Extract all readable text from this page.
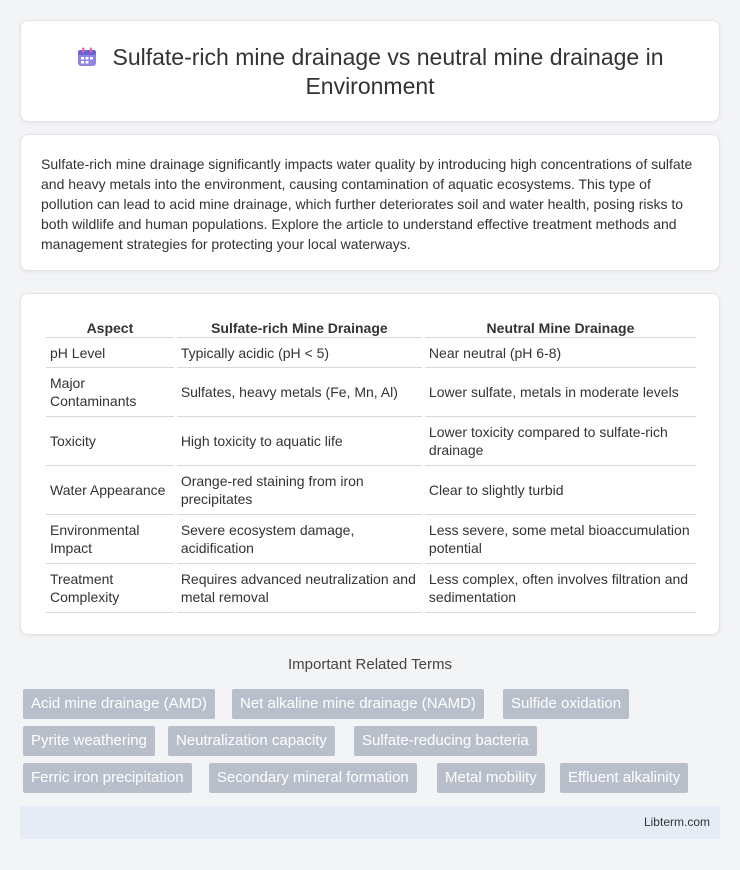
Sulfate-rich mine drainage vs neutral mine drainage in Environment

Sulfate-rich mine drainage significantly impacts water quality by introducing high concentrations of sulfate and heavy metals into the environment, causing contamination of aquatic ecosystems. This type of pollution can lead to acid mine drainage, which further deteriorates soil and water health, posing risks to both wildlife and human populations. Explore the article to understand effective treatment methods and management strategies for protecting your local waterways.

Aspect	Sulfate-rich Mine Drainage	Neutral Mine Drainage
pH Level	Typically acidic (pH < 5)	Near neutral (pH 6-8)
Major Contaminants	Sulfates, heavy metals (Fe, Mn, Al)	Lower sulfate, metals in moderate levels
Toxicity	High toxicity to aquatic life	Lower toxicity compared to sulfate-rich drainage
Water Appearance	Orange-red staining from iron precipitates	Clear to slightly turbid
Environmental Impact	Severe ecosystem damage, acidification	Less severe, some metal bioaccumulation potential
Treatment Complexity	Requires advanced neutralization and metal removal	Less complex, often involves filtration and sedimentation
Important Related Terms
Acid mine drainage (AMD)	Net alkaline mine drainage (NAMD)	Sulfide oxidation
Pyrite weathering	Neutralization capacity	Sulfate-reducing bacteria
Ferric iron precipitation	Secondary mineral formation	Metal mobility	Effluent alkalinity
Libterm.com
